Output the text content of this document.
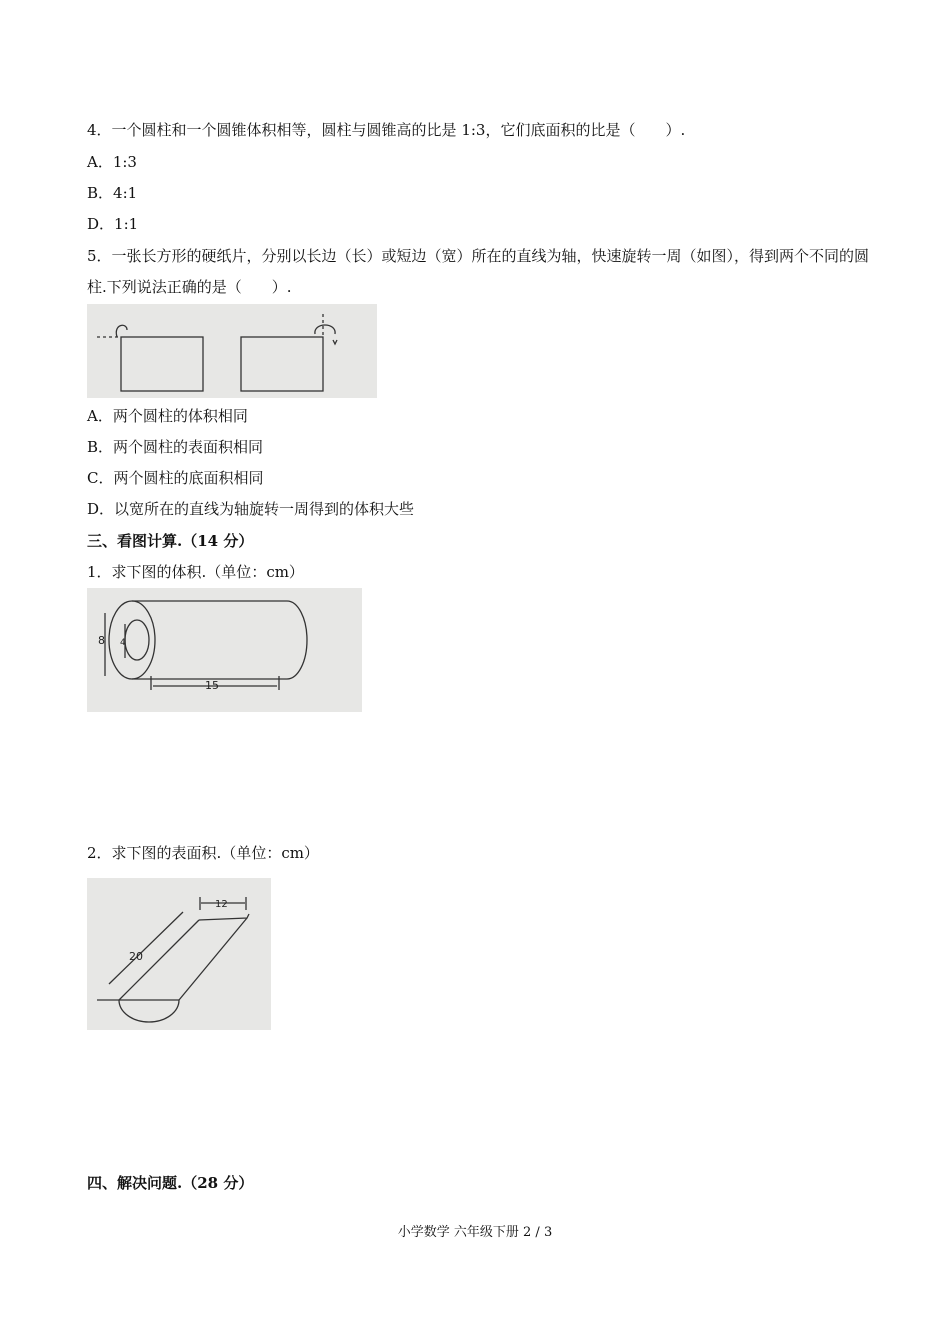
4．一个圆柱和一个圆锥体积相等，圆柱与圆锥高的比是 1:3，它们底面积的比是（　　）.
A．1:3
B．4:1
D．1:1
5．一张长方形的硬纸片，分别以长边（长）或短边（宽）所在的直线为轴，快速旋转一周（如图），得到两个不同的圆柱.下列说法正确的是（　　）.
A．两个圆柱的体积相同
B．两个圆柱的表面积相同
C．两个圆柱的底面积相同
D．以宽所在的直线为轴旋转一周得到的体积大些
三、看图计算.（14 分）
1．求下图的体积.（单位：cm）
8 4
15
2．求下图的表面积.（单位：cm）
20
12
四、解决问题.（28 分）
小学数学 六年级下册 2 / 3
